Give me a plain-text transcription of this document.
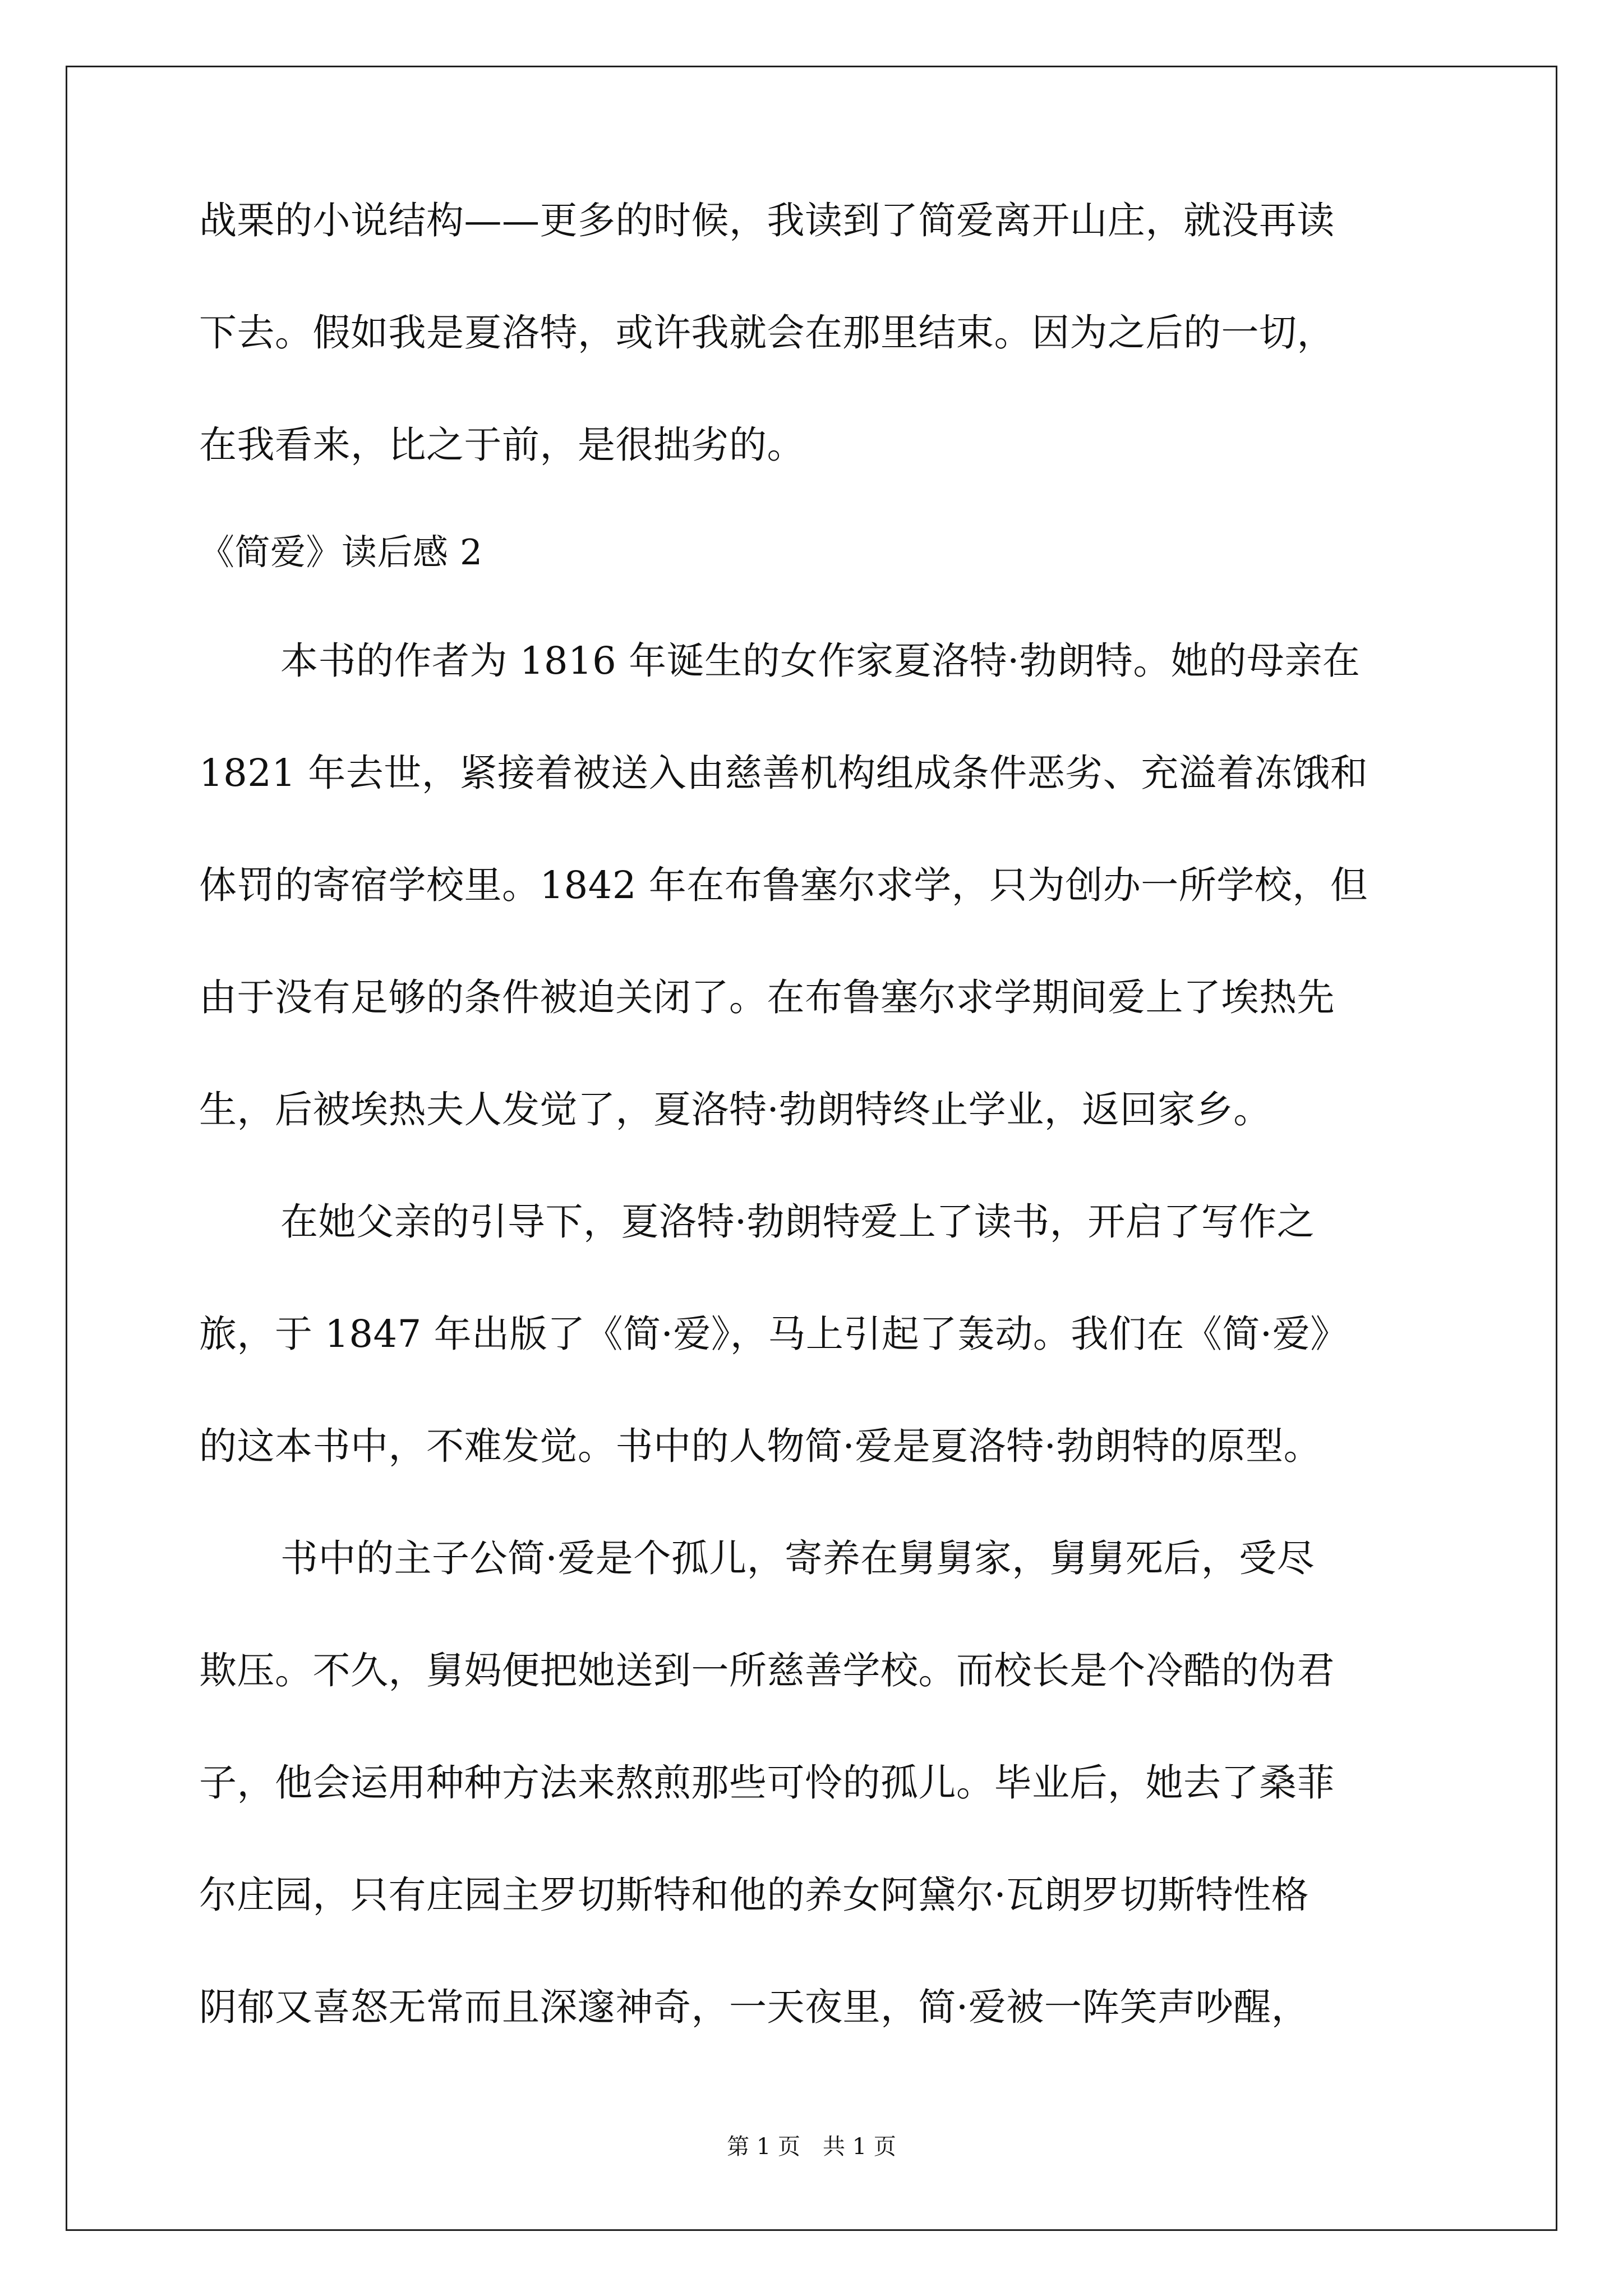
战栗的小说结构——更多的时候，我读到了简爱离开山庄，就没再读
下去。假如我是夏洛特，或许我就会在那里结束。因为之后的一切，
在我看来，比之于前，是很拙劣的。
《简爱》读后感 2
本书的作者为 1816 年诞生的女作家夏洛特·勃朗特。她的母亲在
1821 年去世，紧接着被送入由慈善机构组成条件恶劣、充溢着冻饿和
体罚的寄宿学校里。1842 年在布鲁塞尔求学，只为创办一所学校，但
由于没有足够的条件被迫关闭了。在布鲁塞尔求学期间爱上了埃热先
生，后被埃热夫人发觉了，夏洛特·勃朗特终止学业，返回家乡。
在她父亲的引导下，夏洛特·勃朗特爱上了读书，开启了写作之
旅，于 1847 年出版了《简·爱》，马上引起了轰动。我们在《简·爱》
的这本书中，不难发觉。书中的人物简·爱是夏洛特·勃朗特的原型。
书中的主子公简·爱是个孤儿，寄养在舅舅家，舅舅死后，受尽
欺压。不久，舅妈便把她送到一所慈善学校。而校长是个冷酷的伪君
子，他会运用种种方法来熬煎那些可怜的孤儿。毕业后，她去了桑菲
尔庄园，只有庄园主罗切斯特和他的养女阿黛尔·瓦朗罗切斯特性格
阴郁又喜怒无常而且深邃神奇，一天夜里，简·爱被一阵笑声吵醒，
第 1 页　共 1 页
